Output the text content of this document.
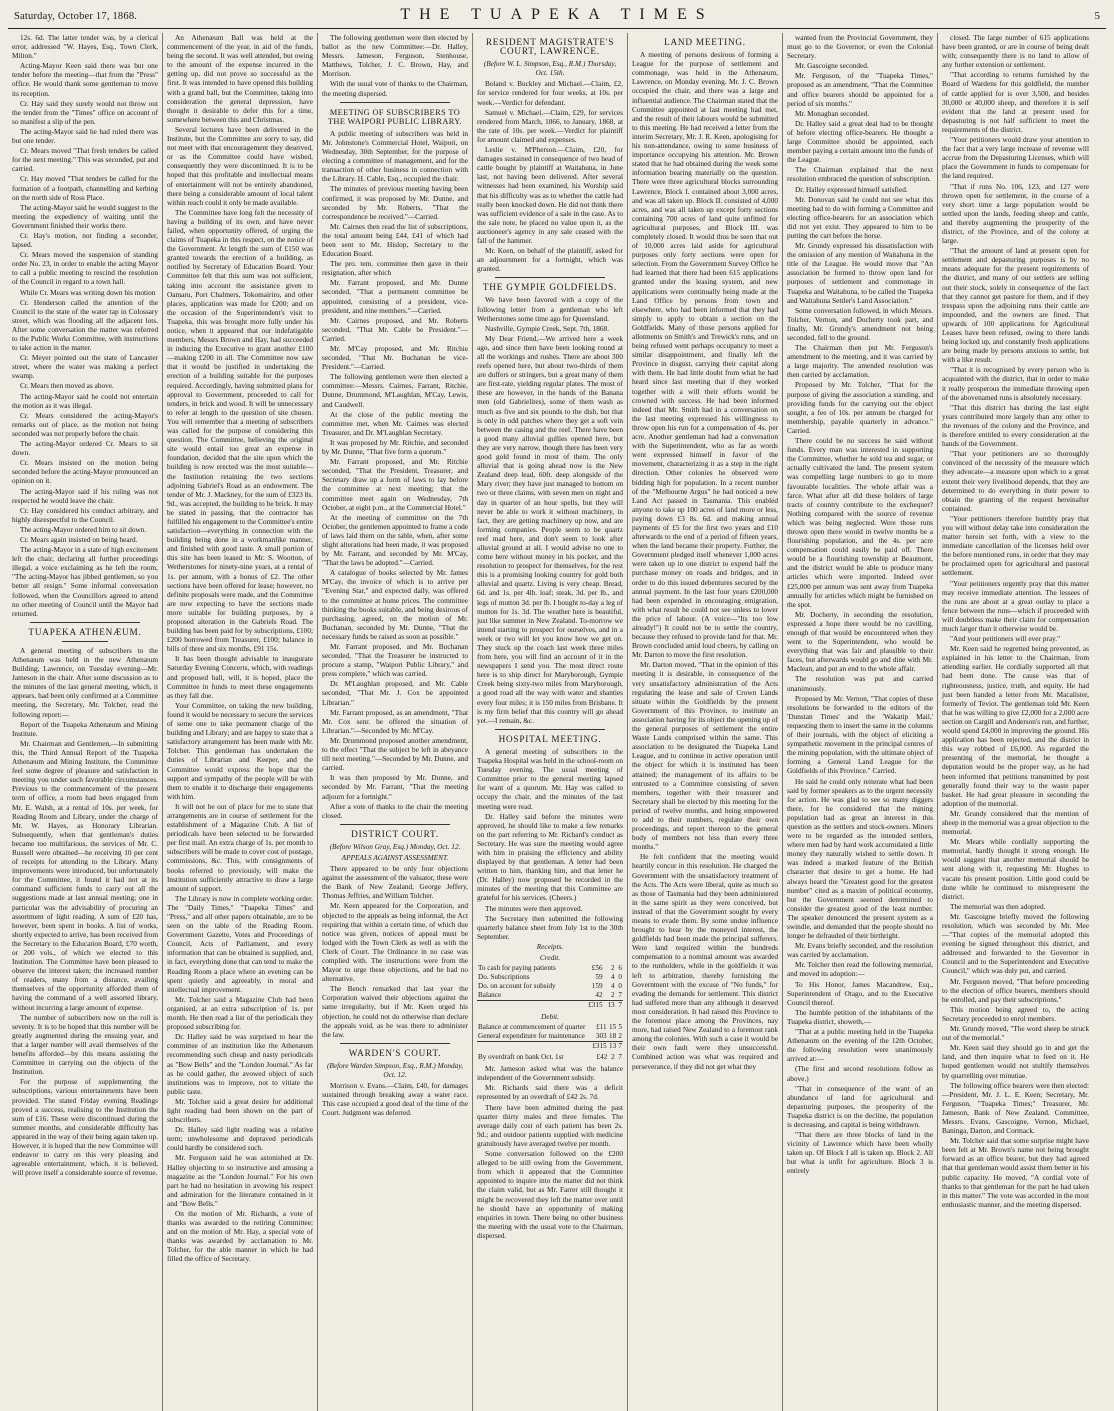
Saturday, October 17, 1868.	THE TUAPEKA TIMES	5

12s. 6d. The latter tender was, by a clerical error, addressed "W. Hayes, Esq., Town Clerk, Milton."

Acting-Mayor Keen said there was but one tender before the meeting—that from the "Press" office. He would thank some gentleman to move its reception.

Cr. Hay said they surely would not throw out the tender from the "Times" office on account of so manifest a slip of the pen.

The acting-Mayor said he had ruled there was but one tender.

Cr. Mears moved "That fresh tenders be called for the next meeting." This was seconded, put and carried.

Cr. Hay moved "That tenders be called for the formation of a footpath, channelling and kerbing on the north side of Ross Place.

The acting-Mayor said he would suggest to the meeting the expediency of waiting until the Government finished their works there.

Cr. Hay's motion, not finding a seconder, lapsed.

Cr. Mears moved the suspension of standing order No. 23, in order to enable the acting Mayor to call a public meeting to rescind the resolution of the Council in regard to a town hall.

While Cr. Mears was writing down his motion

Cr. Henderson called the attention of the Council to the state of the water tap in Colossary street, which was flooding all the adjacent lots. After some conversation the matter was referred to the Public Works Committee, with instructions to take action in the matter.

Cr. Meyer pointed out the state of Lancaster street, where the water was making a perfect swamp.

Cr. Mears then moved as above.

The acting-Mayor said he could not entertain the motion as it was illegal.

Cr. Mears considered the acting-Mayor's remarks out of place, as the motion not being seconded was not properly before the chair.

The acting-Mayor ordered Cr. Mears to sit down.

Cr. Mears insisted on the motion being seconded before the acting-Mayor pronounced an opinion on it.

The acting-Mayor said if his ruling was not respected he would leave the chair.

Cr. Hay considered his conduct arbitrary, and highly disrespectful to the Council.

The acting-Mayor ordered him to sit down.

Cr. Mears again insisted on being heard.

The acting-Mayor in a state of high excitement left the chair, declaring all further proceedings illegal, a voice exclaiming as he left the room, "The acting-Mayor has jibbed gentlemen, so you better all resign." Some informal conversation followed, when the Councillors agreed to attend no other meeting of Council until the Mayor had returned.

TUAPEKA ATHENÆUM.

A general meeting of subscribers to the Athenæum was held in the new Athenæum Building, Lawrence, on Tuesday evening—Mr. Jameson in the chair. After some discussion as to the minutes of the last general meeting, which, it appears, had been only confirmed at a Committee meeting, the Secretary, Mr. Tolcher, read the following report:—

Report of the Tuapeka Athenæum and Mining Institute.

Mr. Chairman and Gentlemen,—In submitting this, the Third Annual Report of the Tuapeka Athenæum and Mining Institute, the Committee feel some degree of pleasure and satisfaction in meeting you under such favorable circumstances. Previous to the commencement of the present term of office, a room had been engaged from Mr. E. Walsh, at a rental of 10s. per week, for Reading Room and Library, under the charge of Mr. W. Hayes, as Honorary Librarian. Subsequently, when that gentleman's duties became too multifarious, the services of Mr. C. Russell were obtained—he receiving 10 per cent of receipts for attending to the Library. Many improvements were introduced, but unfortunately for the Committee, it found it had not at its command sufficient funds to carry out all the suggestions made at last annual meeting; one in particular was the advisability of procuring an assortment of light reading. A sum of £20 has, however, been spent in books. A list of works, shortly expected to arrive, has been received from the Secretary to the Education Board, £70 worth, or 200 vols., of which we elected to this Institution. The Committee have been pleased to observe the interest taken; the increased number of readers, many from a distance, availing themselves of the opportunity afforded them of having the command of a well assorted library, without incurring a large amount of expense.

The number of subscribers now on the roll is seventy. It is to be hoped that this number will be greatly augmented during the ensuing year, and that a larger number will avail themselves of the benefits afforded—by this means assisting the Committee in carrying out the objects of the Institution.

For the purpose of supplementing the subscriptions, various entertainments have been provided. The stated Friday evening Readings proved a success, realising to the Institution the sum of £16. These were discontinued during the summer months, and considerable difficulty has appeared in the way of their being again taken up. However, it is hoped that the new Committee will endeavor to carry on this very pleasing and agreeable entertainment, which, it is believed, will prove itself a considerable source of revenue.

An Athenæum Ball was held at the commencement of the year, in aid of the funds, being the second. It was well attended, but owing to the amount of the expense incurred in the getting up, did not prove so successful as the first. It was intended to have opened this building with a grand ball, but the Committee, taking into consideration the general depression, have thought it desirable to defer this for a time, somewhere between this and Christmas.

Several lectures have been delivered in the Institute, but the Committee are sorry to say, did not meet with that encouragement they deserved, or as the Committee could have wished, consequently they were discontinued. It is to be hoped that this profitable and intellectual means of entertainment will not be entirely abandoned, there being a considerable amount of local talent within reach could it only be made available.

The Committee have long felt the necessity of having a building of its own, and have never failed, when opportunity offered, of urging the claims of Tuapeka in this respect, on the notice of the Government. At length the sum of £150 was granted towards the erection of a building, as notified by Secretary of Education Board. Your Committee felt that this sum was not sufficient, taking into account the assistance given to Oamaru, Port Chalmers, Tokomairiro, and other places, application was made for £200; and on the occasion of the Superintendent's visit to Tuapeka, this was brought more fully under his notice, when it appeared that our indefatigable members, Messrs Brown and Hay, had succeeded in inducing the Executive to grant another £100—making £200 in all. The Committee now saw that it would be justified in undertaking the erection of a building suitable for the purposes required. Accordingly, having submitted plans for approval to Government, proceeded to call for tenders, in brick and wood. It will be unnecessary to refer at length to the question of site chosen. You will remember that a meeting of subscribers was called for the purpose of considering this question. The Committee, believing the original site would entail too great an expense in foundation, decided that the site upon which the building is now erected was the most suitable—the Institution retaining the two sections adjoining Gabriel's Road as an endowment. The tender of Mr. J. Mackney, for the sum of £323 8s. 9d., was accepted, the building to be brick. It may be stated in passing, that the contractor has fulfilled his engagement to the Committee's entire satisfaction—everything in connection with the building being done in a workmanlike manner, and finished with good taste. A small portion of this site has been leased to Mr. S. Wootton, of Wetherstones for ninety-nine years, at a rental of 1s. per annum, with a bonus of £2. The other sections have been offered for lease; however, no definite proposals were made, and the Committee are now expecting to have the sections made more suitable for building purposes, by a proposed alteration in the Gabriels Road. The building has been paid for by subscriptions, £100; £200 borrowed from Treasurer, £100; balance in bills of three and six months, £91 15s.

It has been thought advisable to inaugurate Saturday Evening Concerts, which, with readings and proposed ball, will, it is hoped, place the Committee in funds to meet these engagements as they fall due.

Your Committee, on taking the new building, found it would be necessary to secure the services of some one to take permanent charge of the building and Library; and are happy to state that a satisfactory arrangement has been made with Mr. Tolcher. This gentleman has undertaken the duties of Librarian and Keeper, and the Committee would express the hope that the support and sympathy of the people will be with them to enable it to discharge their engagements with him.

It will not be out of place for me to state that arrangements are in course of settlement for the establishment of a Magazine Club. A list of periodicals have been selected to be forwarded per first mail. An extra charge of 1s. per month to subscribers will be made to cover cost of postage, commissions, &c. This, with consignments of books referred to previously, will make the Institution sufficiently attractive to draw a large amount of support.

The Library is now in complete working order. The "Daily Times," "Tuapeka Times" and "Press," and all other papers obtainable, are to be seen on the table of the Reading Room. Government Gazette, Votes and Proceedings of Council, Acts of Parliament, and every information that can be obtained is supplied, and, in fact, everything done that can tend to make the Reading Room a place where an evening can be spent quietly and agreeably, in moral and intellectual improvement.

Mr. Tolcher said a Magazine Club had been organised, at an extra subscription of 1s. per month. He then read a list of the periodicals they proposed subscribing for.

Dr. Halley said he was surprised to hear the committee of an institution like the Athenæum recommending such cheap and nasty periodicals as "Bow Bells" and the "London Journal." As far as he could gather, the avowed object of such institutions was to improve, not to vitiate the public taste.

Mr. Tolcher said a great desire for additional light reading had been shown on the part of subscribers.

Dr. Halley said light reading was a relative term; unwholesome and depraved periodicals could hardly be considered such.

Mr. Ferguson said he was astonished at Dr. Halley objecting to so instructive and amusing a magazine as the "London Journal." For his own part he had no hesitation in avowing his respect and admiration for the literature contained in it and "Bow Bells."

On the motion of Mr. Richards, a vote of thanks was awarded to the retiring Committee; and on the motion of Mr. Hay, a special vote of thanks was awarded by acclamation to Mr. Tolcher, for the able manner in which he had filled the office of Secretary.

The following gentlemen were then elected by ballot as the new Committee:—Dr. Halley, Messrs. Jameson, Ferguson, Stenhouse, Matthews, Tolcher, J. C. Brown, Hay, and Morrison.

With the usual vote of thanks to the Chairman, the meeting dispersed.

MEETING OF SUBSCRIBERS TO THE WAIPORI PUBLIC LIBRARY.

A public meeting of subscribers was held in Mr. Johnstone's Commercial Hotel, Waipori, on Wednesday, 30th September, for the purpose of electing a committee of management, and for the transaction of other business in connection with the Library. H. Cable, Esq., occupied the chair.

The minutes of previous meeting having been confirmed, it was proposed by Mr. Dunne, and seconded by Mr. Roberts, "That the correspondence be received."—Carried.

Mr. Cairnes then read the list of subscriptions, the total amount being £44, £41 of which had been sent to Mr. Hislop, Secretary to the Education Board.

The pro. tem. committee then gave in their resignation, after which

Mr. Farrant proposed, and Mr. Dunne seconded, "That a permanent committee be appointed, consisting of a president, vice-president, and nine members."—Carried.

Mr. Cairnes proposed, and Mr. Roberts seconded, "That Mr. Cable be President."—Carried.

Mr. M'Cay proposed, and Mr. Ritchie seconded, "That Mr. Buchanan be vice-President."—Carried.

The following gentlemen were then elected a committee:—Messrs. Cairnes, Farrant, Ritchie, Dunne, Drummond, M'Laughlan, M'Cay, Lewis, and Caudwell.

At the close of the public meeting the committee met, when Mr. Cairnes was elected Treasurer, and Dr. M'Laughlan Secretary.

It was proposed by Mr. Ritchie, and seconded by Mr. Dunne, "That five form a quorum."

Mr. Farrant proposed, and Mr. Ritchie seconded, "That the President, Treasurer, and Secretary draw up a form of laws to lay before the committee at next meeting; that the committee meet again on Wednesday, 7th October, at eight p.m., at the Commercial Hotel."

At the meeting of committee on the 7th October, the gentlemen appointed to frame a code of laws laid them on the table, when, after some slight alterations had been made, it was proposed by Mr. Farrant, and seconded by Mr. M'Cay, "That the laws be adopted."—Carried.

A catalogue of books selected by Mr. James M'Cay, the invoice of which is to arrive per "Evening Star," and expected daily, was offered to the committee at home prices. The committee thinking the books suitable, and being desirous of purchasing, agreed, on the motion of Mr. Buchanan, seconded by Mr. Dunne, "That the necessary funds be raised as soon as possible."

Mr. Farrant proposed, and Mr. Buchanan seconded, "That the Treasurer be instructed to procure a stamp, "Waipori Public Library," and press complete," which was carried.

Dr. M'Laughlan proposed, and Mr. Cable seconded, "That Mr. J. Cox be appointed Librarian."

Mr. Farrant proposed, as an amendment, "That Mr. Cox senr. be offered the situation of Librarian."—Seconded by Mr. M'Cay.

Mr. Drummond proposed another amendment, to the effect "That the subject be left in abeyance till next meeting."—Seconded by Mr. Dunne, and carried.

It was then proposed by Mr. Dunne, and seconded by Mr. Farrant, "That the meeting adjourn for a fortnight."

After a vote of thanks to the chair the meeting closed.

DISTRICT COURT.
(Before Wilson Gray, Esq.) Monday, Oct. 12.
APPEALS AGAINST ASSESSMENT.

There appeared to be only four objections against the assessment of the valuator, these were the Bank of New Zealand, George Jeffery, Thomas Jeffries, and William Tolcher.

Mr. Keen appeared for the Corporation, and objected to the appeals as being informal, the Act requiring that within a certain time, of which due notice was given, notices of appeal must be lodged with the Town Clerk as well as with the Clerk of Court. The Ordinance in no case was complied with. The instructions were from the Mayor to urge these objections, and he had no alternative.

The Bench remarked that last year the Corporation waived their objections against the same irregularity, but if Mr. Keen urged his objection, he could not do otherwise than declare the appeals void, as he was there to administer the law.

WARDEN'S COURT.
(Before Warden Simpson, Esq., R.M.) Monday, Oct. 12.

Morrison v. Evans.—Claim, £40, for damages sustained through breaking away a water race. This case occupied a good deal of the time of the Court. Judgment was deferred.

RESIDENT MAGISTRATE'S COURT, LAWRENCE.
(Before W. L. Simpson, Esq., R.M.) Thursday, Oct. 15th.

Boland v. Buckley and Michael.—Claim, £2, for service rendered for four weeks, at 10s. per week.—Verdict for defendant.

Samuel v. Michael.—Claim, £29, for services rendered from March, 1866, to January, 1868, at the rate of 10s. per week.—Verdict for plaintiff for amount claimed and expenses.

Leslie v. M'Pherson.—Claim, £20, for damages sustained in consequence of two head of cattle bought by plaintiff at Waitahuna, in June last, not having been delivered. After several witnesses had been examined, his Worship said that his difficulty was as to whether the cattle had really been knocked down. He did not think there was sufficient evidence of a sale in the case. As to the sale note, he placed no value upon it, as the auctioneer's agency in any sale ceased with the fall of the hammer.

Mr. Keen, on behalf of the plaintiff, asked for an adjournment for a fortnight, which was granted.

THE GYMPIE GOLDFIELDS.

We have been favored with a copy of the following letter from a gentleman who left Wetherstones some time ago for Queensland.

Nashville, Gympie Creek, Sept. 7th, 1868.

My Dear Friend,—We arrived here a week ago, and since then have been looking round at all the workings and rushes. There are about 300 reefs opened here, but about two-thirds of them are duffers or stringers, but a great many of them are first-rate, yielding regular plates. The most of these are however, in the hands of the Banana men (old Gabrielites), some of them wash as much as five and six pounds to the dish, but that is only in odd patches where they get a soft vein between the casing and the reef. There have been a good many alluvial gullies opened here, but they are very narrow, though there has been very good gold found in most of them. The only alluvial that is going ahead now is the New Zealand deep lead, 60ft. deep alongside of the Mary river; they have just managed to bottom on two or three claims, with seven men on night and day in quarter of an hour spells, but they will never be able to work it without machinery, in fact, they are getting machinery up now, and are forming companies. People seem to be quartz reef mad here, and don't seem to look after alluvial ground at all. I would advise no one to come here without money in his pocket, and the resolution to prospect for themselves, for the rest this is a promising looking country for gold both alluvial and quartz. Living is very cheap. Bread, 6d. and 1s. per 4lb. loaf; steak, 3d. per lb., and legs of mutton 3d. per lb. I bought to-day a leg of mutton for 1s. 3d. The weather here is beautiful, just like summer in New Zealand. To-morrow we intend starting to prospect for ourselves, and in a week or two will let you know how we get on. They stuck up the coach last week three miles from here, you will find an account of it in the newspapers I send you. The most direct route here is to ship direct for Maryborough, Gympie Creek being sixty-two miles from Maryborough, a good road all the way with water and shanties every four miles; it is 150 miles from Brisbane. It is my firm belief that this country will go ahead yet.—I remain, &c.

HOSPITAL MEETING.

A general meeting of subscribers to the Tuapeka Hospital was held in the school-room on Tuesday evening. The usual meeting of Committee prior to the general meeting lapsed for want of a quorum. Mr. Hay was called to occupy the chair, and the minutes of the last meeting were read.

Dr. Halley said before the minutes were approved, he should like to make a few remarks on the part referring to Mr. Richard's conduct as Secretary. He was sure the meeting would agree with him in praising the efficiency and ability displayed by that gentleman. A letter had been written to him, thanking him, and that letter he (Dr. Halley) now proposed be recorded in the minutes of the meeting that this Committee are grateful for his services. (Cheers.)

The minutes were then approved.

The Secretary then submitted the following quarterly balance sheet from July 1st to the 30th September.

Receipts.
Credit.
To cash for paying patients	£56	2	6
Do. Subscriptions	59	4	0
Do. on account for subsidy	159	4	0
Balance	42	2	7
	£315	13	7
Debit.
Balance at commencement of quarter	£11	15	5
General expenditure for maintenance	303	18	2
	£315	13	7
By overdraft on bank Oct. 1st	£42	2	7

Mr. Jameson asked what was the balance independent of the Government subsidy.

Mr. Richards said there was a deficit represented by an overdraft of £42 2s. 7d.

There have been admitted during the past quarter thirty males and three females. The average daily cost of each patient has been 2s. 9d.; and outdoor patients supplied with medicine gratuitously have averaged twelve per month.

Some conversation followed on the £200 alleged to be still owing from the Government, from which it appeared that the Committee appointed to inquire into the matter did not think the claim valid, but as Mr. Farrer still thought it might be recovered they left the matter over until he should have an opportunity of making enquiries in town. There being no other business the meeting with the usual vote to the Chairman, dispersed.

LAND MEETING.

A meeting of persons desirous of forming a League for the purpose of settlement and commonage, was held in the Athenæum, Lawrence, on Monday evening. Mr. J. C. Brown occupied the chair, and there was a large and influential audience. The Chairman stated that the Committee appointed at last meeting had met, and the result of their labours would be submitted to this meeting. He had received a letter from the interim Secretary, Mr. J. R. Keen, apologising for his non-attendance, owing to some business of importance occupying his attention. Mr. Brown stated that he had obtained during the week some information bearing materially on the question. There were three agricultural blocks surrounding Lawrence, Block I. contained about 3,000 acres, and was all taken up. Block II. consisted of 4,000 acres, and was all taken up except forty sections containing 700 acres of land quite unfitted for agricultural purposes, and Block III. was completely closed. It would thus be seen that out of 10,000 acres laid aside for agricultural purposes only forty sections were open for selection. From the Government Survey Office he had learned that there had been 615 applications granted under the leasing system, and new applications were continually being made at the Land Office by persons from town and elsewhere, who had been informed that they had simply to apply to obtain a section on the Goldfields. Many of those persons applied for allotments on Smith's and Trewick's runs, and on being refused went perhaps occupancy to meet a similar disappointment, and finally left the Province in disgust, carrying their capital along with them. He had little doubt from what he had heard since last meeting that if they worked together with a will their efforts would be crowned with success. He had been informed indeed that Mr. Smith had in a conversation on the last meeting expressed his willingness to throw open his run for a compensation of 4s. per acre. Another gentleman had had a conversation with the Superintendent, who as far as words went expressed himself in favor of the movement, characterizing it as a step in the right direction. Other colonies he observed were bidding high for population. In a recent number of the "Melbourne Argus" he had noticed a new Land Act passed in Tasmania. This enabled anyone to take up 100 acres of land more or less, paying down £3 8s. 6d. and making annual payments of £5 for the first two years and £10 afterwards to the end of a period of fifteen years, when the land became their property. Further, the Government pledged itself whenever 1,000 acres were taken up in one district to expend half the purchase money on roads and bridges, and in order to do this issued debentures secured by the annual payment. In the last four years £200,000 had been expended in encouraging emigration, with what result he could not see unless to lower the price of labour. (A voice—"Its too low already!") It could not be to settle the country, because they refused to provide land for that. Mr. Brown concluded amid loud cheers, by calling on Mr. Darton to move the first resolution.

Mr. Darton moved, "That in the opinion of this meeting it is desirable, in consequence of the very unsatisfactory administration of the Acts regulating the lease and sale of Crown Lands situate within the Goldfields by the present Government of this Province, to institute an association having for its object the opening up of the general purposes of settlement the entire Waste Lands comprised within the same. This association to be designated the Tuapeka Land League, and to continue in active operation until the object for which it is instituted has been attained; the management of its affairs to be entrusted to a Committee consisting of seven members, together with their treasurer and Secretary shall be elected by this meeting for the period of twelve months, and being empowered to add to their numbers, regulate their own proceedings, and report thereon to the general body of members not less than every three months."

He felt confident that the meeting would heartily concur in this resolution. He charged the Government with the unsatisfactory treatment of the Acts. The Acts were liberal, quite as much so as those of Tasmania had they been administered in the same spirit as they were conceived, but instead of that the Government sought by every means to evade them. By some undue influence brought to bear by the moneyed interest, the goldfields had been made the principal sufferers. Were land required within the hundreds compensation to a nominal amount was awarded to the runholders, while in the goldfields it was left to arbitration, thereby furnishing the Government with the excuse of "No funds," for evading the demands for settlement. This district had suffered more than any although it deserved most consideration. It had raised this Province to the foremost place among the Provinces, nay more, had raised New Zealand to a foremost rank among the colonies. With such a case it would be their own fault were they unsuccessful. Combined action was what was required and perseverance, if they did not get what they

wanted from the Provincial Government, they must go to the Governor, or even the Colonial Secretary.

Mr. Gascoigne seconded.

Mr. Ferguson, of the "Tuapeka Times," proposed as an amendment, "That the Committee and office bearers should be appointed for a period of six months."

Mr. Monaghan seconded.

Dr. Halley said a great deal had to be thought of before electing office-bearers. He thought a large Committee should be appointed, each member paying a certain amount into the funds of the League.

The Chairman explained that the next resolution embraced the question of subscription.

Dr. Halley expressed himself satisfied.

Mr. Donovan said he could not see what this meeting had to do with forming a Committee and electing office-bearers for an association which did not yet exist. They appeared to him to be putting the cart before the horse.

Mr. Grundy expressed his dissatisfaction with the omission of any mention of Waitahuna in the title of the League. He would move that "An association be formed to throw open land for purposes of settlement and commonage in Tuapeka and Waitahuna, to be called the Tuapeka and Waitahuna Settler's Land Association."

Some conversation followed, in which Messrs. Tolcher, Vernon, and Docherty took part, and finally, Mr. Grundy's amendment not being seconded, fell to the ground.

The Chairman then put Mr. Ferguson's amendment to the meeting, and it was carried by a large majority. The amended resolution was then carried by acclamation.

Proposed by Mr. Tolcher, "That for the purpose of giving the association a standing, and providing funds for the carrying out the object sought, a fee of 10s. per annum be charged for membership, payable quarterly in advance." Carried.

There could be no success he said without funds. Every man was interested in supporting the Committee, whether he sold tea and sugar, or actually cultivated the land. The present system was compelling large numbers to go to more favourable localities. The whole affair was a farce. What after all did these holders of large tracts of country contribute to the exchequer? Nothing compared with the source of revenue which was being neglected. Were those runs thrown open there would in twelve months be a flourishing population, and the 4s. per acre compensation could easily be paid off. There would be a flourishing township at Beaumont, and the district would be able to produce many articles which were imported. Indeed over £25,000 per annum was sent away from Tuapeka annually for articles which might be furnished on the spot.

Mr. Docherty, in seconding the resolution, expressed a hope there would be no cavilling, enough of that would be encountered when they went to the Superintendent, who would be everything that was fair and plausible to their faces, but afterwards would go and dine with Mr. Maclean, and put an end to the whole affair.

The resolution was put and carried unanimously.

Proposed by Mr. Vernon, "That copies of these resolutions be forwarded to the editors of the 'Dunstan Times' and the 'Wakatip Mail,' requesting them to insert the same in the columns of their journals, with the object of eliciting a sympathetic movement in the principal centres of the mining population, with the ultimate object of forming a General Land League for the Goldfields of this Province." Carried.

He said he could only reiterate what had been said by former speakers as to the urgent necessity for action. He was glad to see so many diggers there, for he considered that the mining population had as great an interest in this question as the settlers and stock-owners. Miners were to be regarded as the intended settlers, where men had by hard work accumulated a little money they naturally wished to settle down. It was indeed a marked feature of the British character that desire to get a home. He had always heard the "Greatest good for the greatest number" cited as a maxim of political economy, but the Government seemed determined to consider the greatest good of the least number. The speaker denounced the present system as a swindle, and demanded that the people should no longer be defrauded of their birthright.

Mr. Evans briefly seconded, and the resolution was carried by acclamation.

Mr. Tolcher then read the following memorial, and moved its adoption:—

To His Honor, James Macandrew, Esq., Superintendent of Otago, and to the Executive Council thereof.

The humble petition of the inhabitants of the Tuapeka district, showeth,—

"That at a public meeting held in the Tuapeka Athenæum on the evening of the 12th October, the following resolution were unanimously arrived at:—

(The first and second resolutions follow as above.)

"That in consequence of the want of an abundance of land for agricultural and depasturing purposes, the prosperity of the Tuapeka district is on the decline, the population is decreasing, and capital is being withdrawn.

"That there are three blocks of land in the vicinity of Lawrence which have been wholly taken up. Of Block I all is taken up. Block 2. All but what is unfit for agriculture. Block 3 is entirely

closed. The large number of 615 applications have been granted, or are in course of being dealt with; consequently there is no land to allow of any further extension or settlement.

"That according to returns furnished by the Board of Wardens for this goldfield, the number of cattle applied for is over 3,500, and besides 30,000 or 40,000 sheep, and therefore it is self evident that the land at present used for depasturing is not half sufficient to meet the requirements of the district.

"Your petitioners would draw your attention to the fact that a very large increase of revenue will accrue from the Depasturing Licenses, which will place the Government in funds to compensate for the land required.

"That if runs No. 106, 123, and 127 were thrown open for settlement, in the course of a very short time a large population would be settled upon the lands, feeding sheep and cattle, and thereby augmenting the prosperity of the district, of the Province, and of the colony at large.

"That the amount of land at present open for settlement and depasturing purposes is by no means adequate for the present requirements of the district, and many of our settlers are selling out their stock, solely in consequence of the fact that they cannot get pasture for them, and if they trespass upon the adjoining runs their cattle are impounded, and the owners are fined. That upwards of 100 applications for Agricultural Leases have been refused, owing to there lands being locked up, and constantly fresh applications are being made by persons anxious to settle, but with a like result.

"That it is recognised by every person who is acquainted with the district, that in order to make it really prosperous the immediate throwing open of the abovenamed runs is absolutely necessary.

"That this district has during the last eight years contributed more largely than any other to the revenues of the colony and the Province, and is therefore entitled to every consideration at the hands of the Government.

"That your petitioners are so thoroughly convinced of the necessity of the measure which they advocate—a measure upon which to a great extent their very livelihood depends, that they are determined to do everything in their power to obtain the granting of the request hereinafter contained.

"Your petitioners therefore humbly pray that you will without delay take into consideration the matter herein set forth, with a view to the immediate cancellation of the licenses held over the before mentioned runs, in order that they may be proclaimed open for agricultural and pastoral settlement.

"Your petitioners urgently pray that this matter may receive immediate attention. The lessees of the runs are about at a great outlay to place a fence between the runs—which if proceeded with will doubtless make their claim for compensation much larger than it otherwise would be.

"And your petitioners will ever pray."

Mr. Keen said he regretted being prevented, as explained in his letter to the Chairman, from attending earlier. He cordially supported all that had been done. The cause was that of righteousness, justice, truth, and equity. He had just been handed a letter from Mr. Macalister, formerly of Teviot. The gentleman told Mr. Keen that he was willing to give £2,000 for a 2,000 acre section on Cargill and Anderson's run, and further, would spend £4,000 in improving the ground. His application has been rejected, and the district in this way robbed of £6,000. As regarded the presenting of the memorial, he thought a deputation would be the proper way, as he had been informed that petitions transmitted by post generally found their way to the waste paper basket. He had great pleasure in seconding the adoption of the memorial.

Mr. Grundy considered that the mention of sheep in the memorial was a great objection to the memorial.

Mr. Mears while cordially supporting the memorial, hardly thought it strong enough. He would suggest that another memorial should be sent along with it, requesting Mr. Hughes to vacate his present position. Little good could be done while he continued to misrepresent the district.

The memorial was then adopted.

Mr. Gascoigne briefly moved the following resolution, which was seconded by Mr. Mee—"That copies of the memorial adopted this evening be signed throughout this district, and addressed and forwarded to the Governor in Council and to the Superintendent and Executive Council," which was duly put, and carried.

Mr. Ferguson moved, "That before proceeding to the election of office bearers, members should be enrolled, and pay their subscriptions."

This motion being agreed to, the acting Secretary proceeded to enrol members.

Mr. Grundy moved, "The word sheep be struck out of the memorial."

Mr. Keen said they should go in and get the land, and then inquire what to feed on it. He hoped gentlemen would not stultify themselves by quarrelling over minutiae.

The following office bearers were then elected:—President, Mr. J. L. E. Keen; Secretary, Mr. Ferguson, "Tuapeka Times;" Treasurer, Mr. Jameson, Bank of New Zealand. Committee, Messrs. Evans, Gascoigne, Vernon, Michael, Baninga, Darton, and Cormack.

Mr. Tolcher said that some surprise might have been felt at Mr. Brown's name not being brought forward as an office bearer, but they had agreed that that gentleman would assist them better in his public capacity. He moved, "A cordial vote of thanks to that gentleman for the part he had taken in this matter." The vote was accorded in the most enthusiastic manner, and the meeting dispersed.
